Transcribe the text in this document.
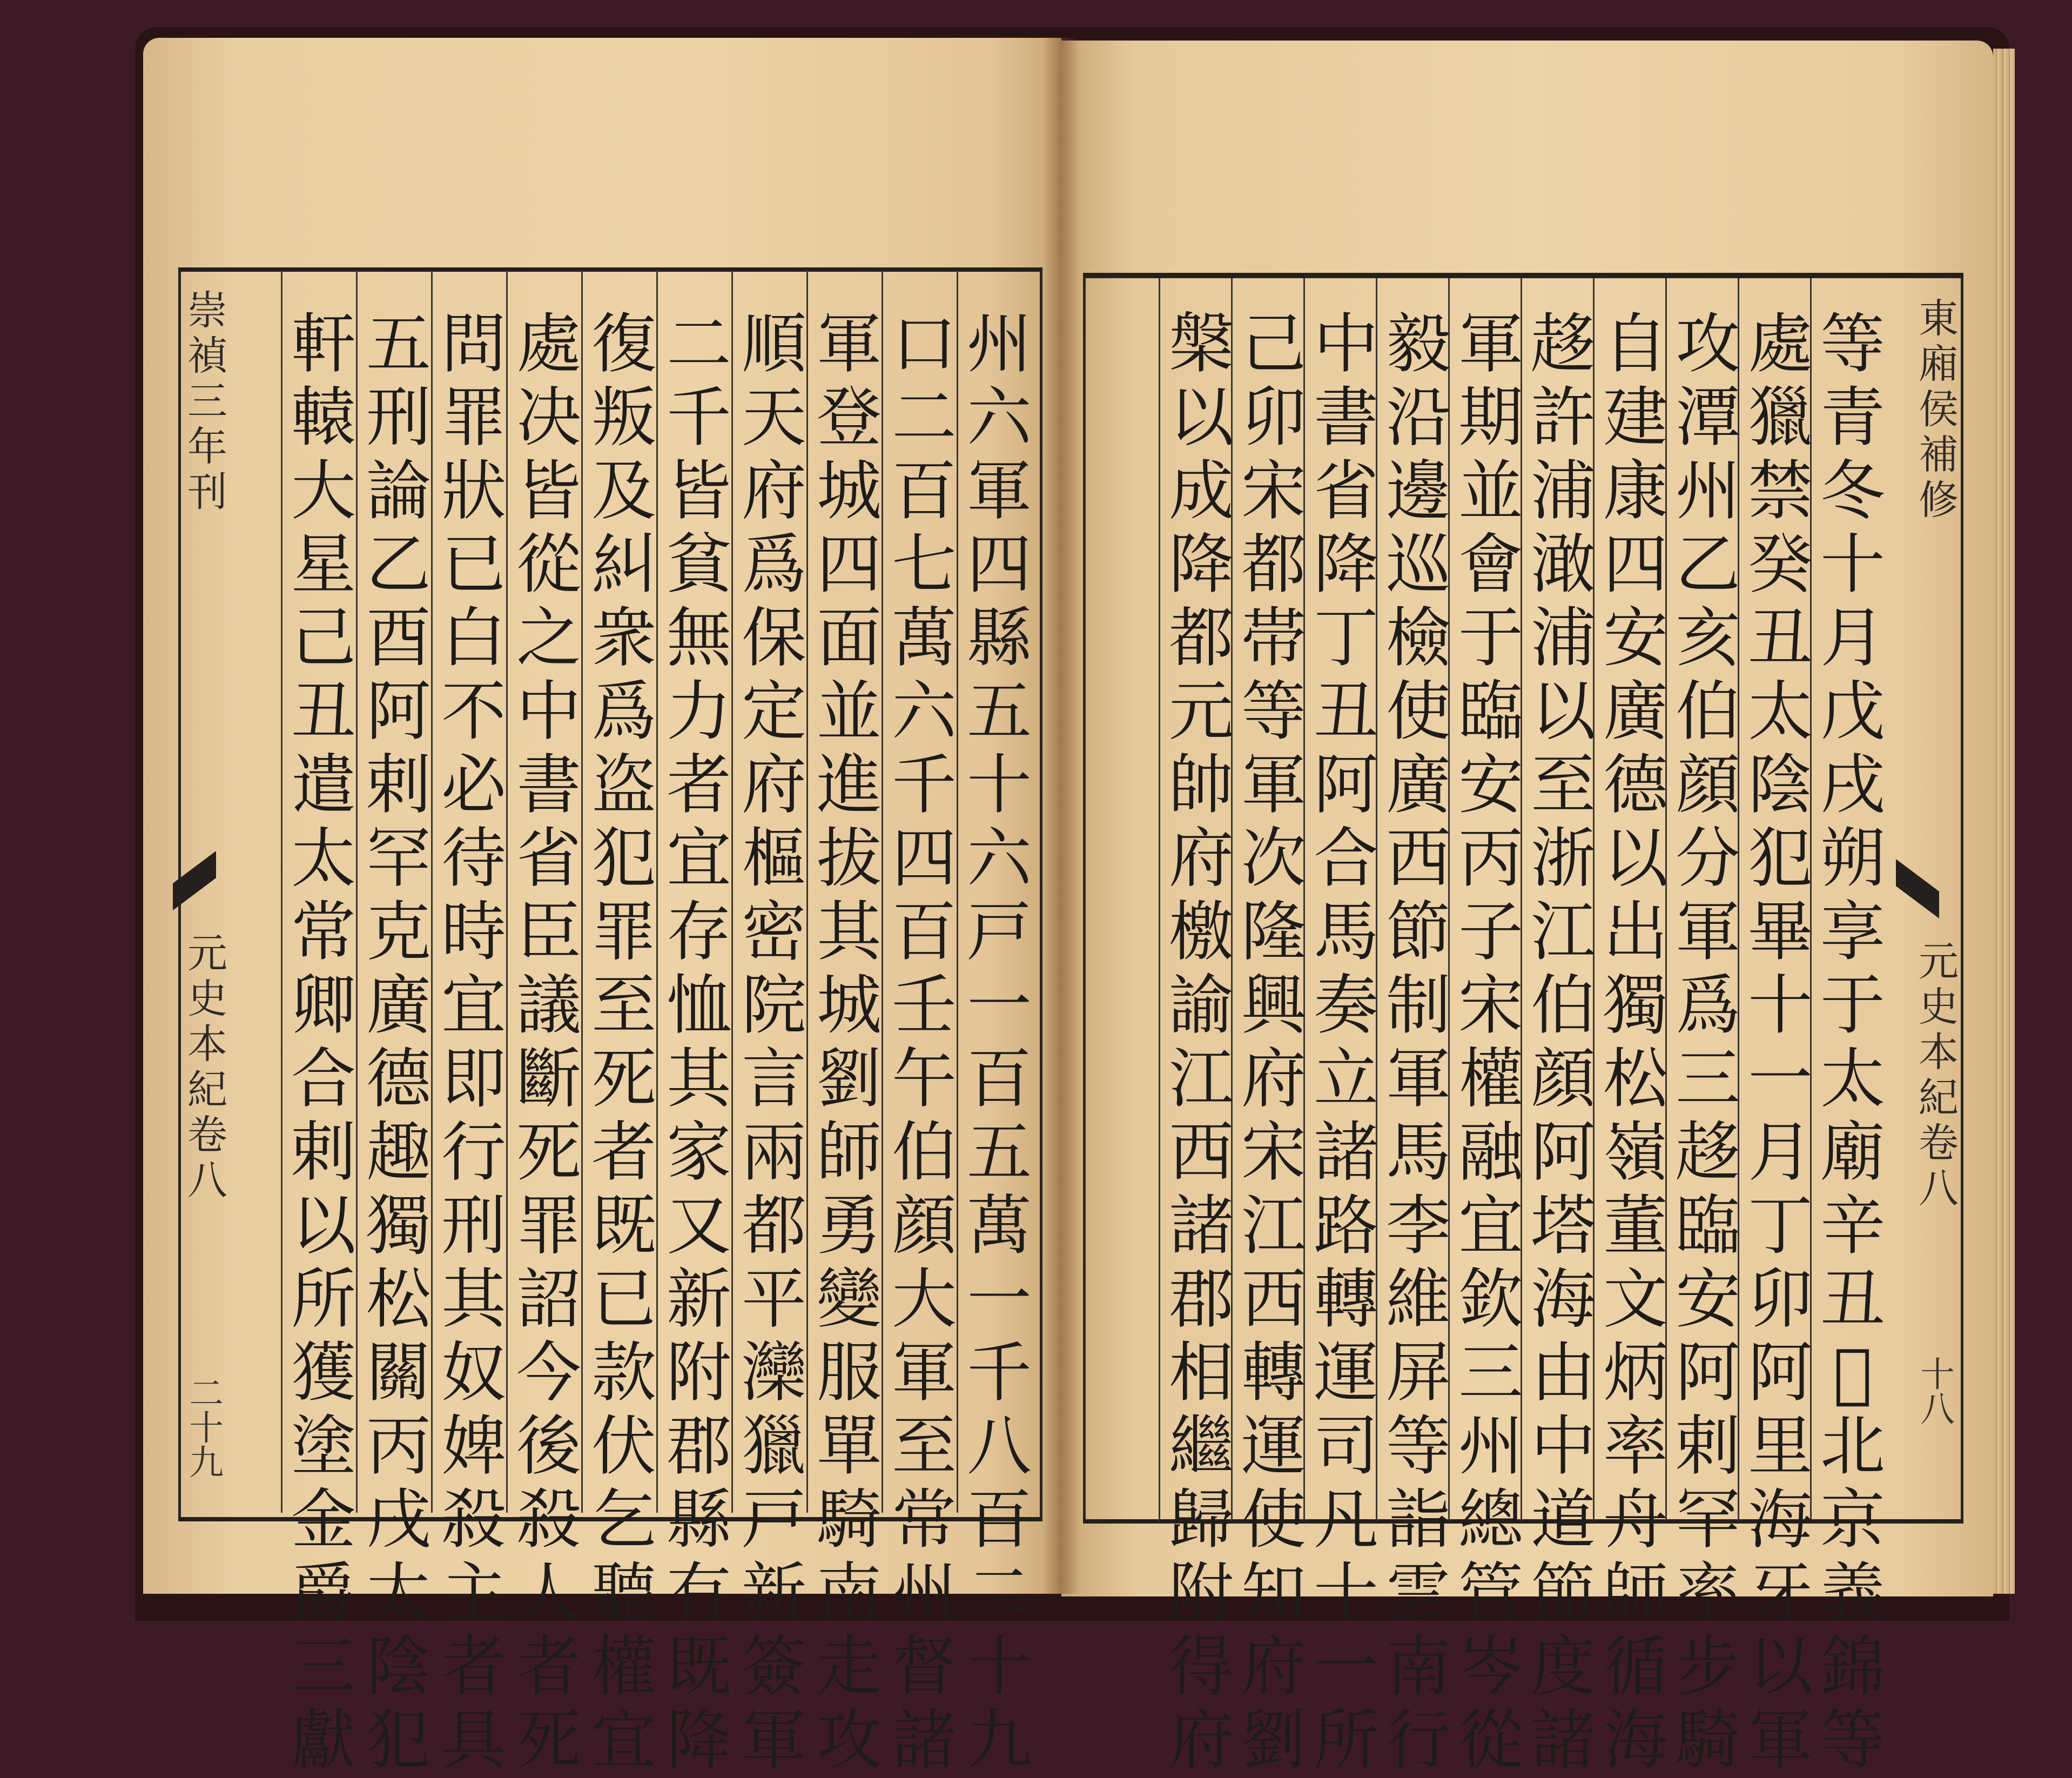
東廂侯補修
元史本紀卷八
十八
崇禎三年刊
元史本紀卷八
二十九
州
六
軍
四
縣
五
十
六
戸
一
百
五
萬
一
千
八
百
二
十
九
口
二
百
七
萬
六
千
四
百
壬
午
伯
顔
大
軍
至
常
州
督
諸
軍
登
城
四
面
並
進
拔
其
城
劉
師
勇
變
服
單
騎
南
走
攻
順
天
府
爲
保
定
府
樞
密
院
言
兩
都
平
灤
獵
戸
新
簽
軍
二
千
皆
貧
無
力
者
宜
存
恤
其
家
又
新
附
郡
縣
有
既
降
復
叛
及
糾
衆
爲
盗
犯
罪
至
死
者
既
已
款
伏
乞
聽
權
宜
處
决
皆
從
之
中
書
省
臣
議
斷
死
罪
詔
今
後
殺
人
者
死
問
罪
狀
已
白
不
必
待
時
宜
即
行
刑
其
奴
婢
殺
主
者
具
五
刑
論
乙
酉
阿
剌
罕
克
廣
德
趣
獨
松
關
丙
戌
太
陰
犯
軒
轅
大
星
己
丑
遣
太
常
卿
合
剌
以
所
獲
塗
金
爵
三
獻
等
青
冬
十
月
戊
戌
朔
享
于
太
廟
辛
丑
𢑴
北
京
義
錦
等
處
獵
禁
癸
丑
太
陰
犯
畢
十
一
月
丁
卯
阿
里
海
牙
以
軍
攻
潭
州
乙
亥
伯
顔
分
軍
爲
三
趍
臨
安
阿
剌
罕
率
步
騎
自
建
康
四
安
廣
德
以
出
獨
松
嶺
董
文
炳
率
舟
師
循
海
趍
許
浦
澉
浦
以
至
浙
江
伯
顔
阿
塔
海
由
中
道
節
度
諸
軍
期
並
會
于
臨
安
丙
子
宋
權
融
宜
欽
三
州
總
管
岑
從
毅
沿
邊
巡
檢
使
廣
西
節
制
軍
馬
李
維
屏
等
詣
雲
南
行
中
書
省
降
丁
丑
阿
合
馬
奏
立
諸
路
轉
運
司
凡
十
一
所
己
卯
宋
都
帯
等
軍
次
隆
興
府
宋
江
西
轉
運
使
知
府
劉
槃
以
成
降
都
元
帥
府
檄
諭
江
西
諸
郡
相
繼
歸
附
得
府
